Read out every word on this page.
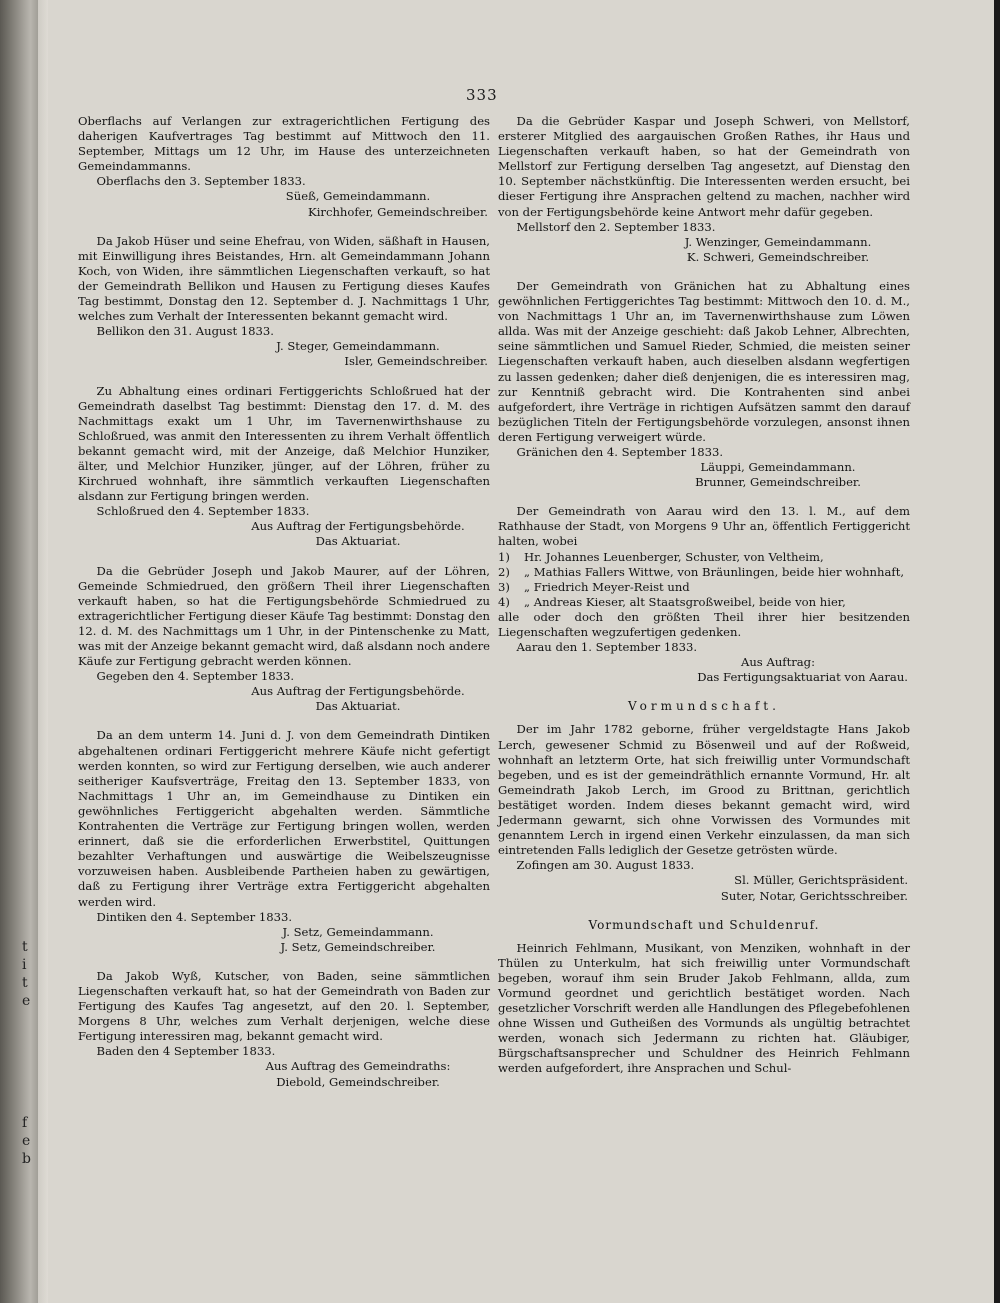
t
i
t
e
f
e
b
333

Oberflachs auf Verlangen zur extragerichtlichen Fertigung des daherigen Kaufvertrages Tag bestimmt auf Mittwoch den 11. September, Mittags um 12 Uhr, im Hause des unterzeichneten Gemeindammanns.

Oberflachs den 3. September 1833.

Süeß, Gemeindammann.

Kirchhofer, Gemeindschreiber.

Da Jakob Hüser und seine Ehefrau, von Widen, säßhaft in Hausen, mit Einwilligung ihres Beistandes, Hrn. alt Gemeindammann Johann Koch, von Widen, ihre sämmtlichen Liegenschaften verkauft, so hat der Gemeindrath Bellikon und Hausen zu Fertigung dieses Kaufes Tag bestimmt, Donstag den 12. September d. J. Nachmittags 1 Uhr, welches zum Verhalt der Interessenten bekannt gemacht wird.

Bellikon den 31. August 1833.

J. Steger, Gemeindammann.

Isler, Gemeindschreiber.

Zu Abhaltung eines ordinari Fertiggerichts Schloßrued hat der Gemeindrath daselbst Tag bestimmt: Dienstag den 17. d. M. des Nachmittags exakt um 1 Uhr, im Tavernenwirthshause zu Schloßrued, was anmit den Interessenten zu ihrem Verhalt öffentlich bekannt gemacht wird, mit der Anzeige, daß Melchior Hunziker, älter, und Melchior Hunziker, jünger, auf der Löhren, früher zu Kirchrued wohnhaft, ihre sämmtlich verkauften Liegenschaften alsdann zur Fertigung bringen werden.

Schloßrued den 4. September 1833.

Aus Auftrag der Fertigungsbehörde.

Das Aktuariat.

Da die Gebrüder Joseph und Jakob Maurer, auf der Löhren, Gemeinde Schmiedrued, den größern Theil ihrer Liegenschaften verkauft haben, so hat die Fertigungsbehörde Schmiedrued zu extragerichtlicher Fertigung dieser Käufe Tag bestimmt: Donstag den 12. d. M. des Nachmittags um 1 Uhr, in der Pintenschenke zu Matt, was mit der Anzeige bekannt gemacht wird, daß alsdann noch andere Käufe zur Fertigung gebracht werden können.

Gegeben den 4. September 1833.

Aus Auftrag der Fertigungsbehörde.

Das Aktuariat.

Da an dem unterm 14. Juni d. J. von dem Gemeindrath Dintiken abgehaltenen ordinari Fertiggericht mehrere Käufe nicht gefertigt werden konnten, so wird zur Fertigung derselben, wie auch anderer seitheriger Kaufsverträge, Freitag den 13. September 1833, von Nachmittags 1 Uhr an, im Gemeindhause zu Dintiken ein gewöhnliches Fertiggericht abgehalten werden. Sämmtliche Kontrahenten die Verträge zur Fertigung bringen wollen, werden erinnert, daß sie die erforderlichen Erwerbstitel, Quittungen bezahlter Verhaftungen und auswärtige die Weibelszeugnisse vorzuweisen haben. Ausbleibende Partheien haben zu gewärtigen, daß zu Fertigung ihrer Verträge extra Fertiggericht abgehalten werden wird.

Dintiken den 4. September 1833.

J. Setz, Gemeindammann.

J. Setz, Gemeindschreiber.

Da Jakob Wyß, Kutscher, von Baden, seine sämmtlichen Liegenschaften verkauft hat, so hat der Gemeindrath von Baden zur Fertigung des Kaufes Tag angesetzt, auf den 20. l. September, Morgens 8 Uhr, welches zum Verhalt derjenigen, welche diese Fertigung interessiren mag, bekannt gemacht wird.

Baden den 4 September 1833.

Aus Auftrag des Gemeindraths:

Diebold, Gemeindschreiber.

Da die Gebrüder Kaspar und Joseph Schweri, von Mellstorf, ersterer Mitglied des aargauischen Großen Rathes, ihr Haus und Liegenschaften verkauft haben, so hat der Gemeindrath von Mellstorf zur Fertigung derselben Tag angesetzt, auf Dienstag den 10. September nächstkünftig. Die Interessenten werden ersucht, bei dieser Fertigung ihre Ansprachen geltend zu machen, nachher wird von der Fertigungsbehörde keine Antwort mehr dafür gegeben.

Mellstorf den 2. September 1833.

J. Wenzinger, Gemeindammann.

K. Schweri, Gemeindschreiber.

Der Gemeindrath von Gränichen hat zu Abhaltung eines gewöhnlichen Fertiggerichtes Tag bestimmt: Mittwoch den 10. d. M., von Nachmittags 1 Uhr an, im Tavernenwirthshause zum Löwen allda. Was mit der Anzeige geschieht: daß Jakob Lehner, Albrechten, seine sämmtlichen und Samuel Rieder, Schmied, die meisten seiner Liegenschaften verkauft haben, auch dieselben alsdann wegfertigen zu lassen gedenken; daher dieß denjenigen, die es interessiren mag, zur Kenntniß gebracht wird. Die Kontrahenten sind anbei aufgefordert, ihre Verträge in richtigen Aufsätzen sammt den darauf bezüglichen Titeln der Fertigungsbehörde vorzulegen, ansonst ihnen deren Fertigung verweigert würde.

Gränichen den 4. September 1833.

Läuppi, Gemeindammann.

Brunner, Gemeindschreiber.

Der Gemeindrath von Aarau wird den 13. l. M., auf dem Rathhause der Stadt, von Morgens 9 Uhr an, öffentlich Fertiggericht halten, wobei

1)	Hr. Johannes Leuenberger, Schuster, von Veltheim,
2)	„ Mathias Fallers Wittwe, von Bräunlingen, beide hier wohnhaft,
3)	„ Friedrich Meyer-Reist und
4)	„ Andreas Kieser, alt Staatsgroßweibel, beide von hier,

alle oder doch den größten Theil ihrer hier besitzenden Liegenschaften wegzufertigen gedenken.

Aarau den 1. September 1833.

Aus Auftrag:

Das Fertigungsaktuariat von Aarau.

Vormundschaft.

Der im Jahr 1782 geborne, früher vergeldstagte Hans Jakob Lerch, gewesener Schmid zu Bösenweil und auf der Roßweid, wohnhaft an letzterm Orte, hat sich freiwillig unter Vormundschaft begeben, und es ist der gemeindräthlich ernannte Vormund, Hr. alt Gemeindrath Jakob Lerch, im Grood zu Brittnan, gerichtlich bestätiget worden. Indem dieses bekannt gemacht wird, wird Jedermann gewarnt, sich ohne Vorwissen des Vormundes mit genanntem Lerch in irgend einen Verkehr einzulassen, da man sich eintretenden Falls lediglich der Gesetze getrösten würde.

Zofingen am 30. August 1833.

Sl. Müller, Gerichtspräsident.

Suter, Notar, Gerichtsschreiber.

Vormundschaft und Schuldenruf.

Heinrich Fehlmann, Musikant, von Menziken, wohnhaft in der Thülen zu Unterkulm, hat sich freiwillig unter Vormundschaft begeben, worauf ihm sein Bruder Jakob Fehlmann, allda, zum Vormund geordnet und gerichtlich bestätiget worden. Nach gesetzlicher Vorschrift werden alle Handlungen des Pflegebefohlenen ohne Wissen und Gutheißen des Vormunds als ungültig betrachtet werden, wonach sich Jedermann zu richten hat. Gläubiger, Bürgschaftsansprecher und Schuldner des Heinrich Fehlmann werden aufgefordert, ihre Ansprachen und Schul-
